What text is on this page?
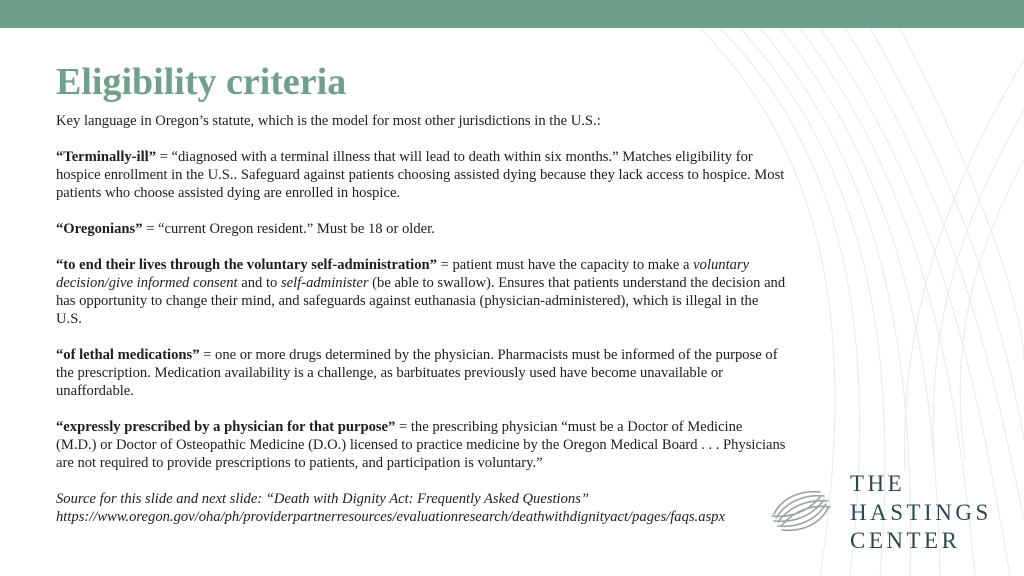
Eligibility criteria

Key language in Oregon’s statute, which is the model for most other jurisdictions in the U.S.:

“Terminally-ill” = “diagnosed with a terminal illness that will lead to death within six months.” Matches eligibility for hospice enrollment in the U.S.. Safeguard against patients choosing assisted dying because they lack access to hospice. Most patients who choose assisted dying are enrolled in hospice.

“Oregonians” = “current Oregon resident.” Must be 18 or older.

“to end their lives through the voluntary self-administration” = patient must have the capacity to make a voluntary decision/give informed consent and to self-administer (be able to swallow). Ensures that patients understand the decision and has opportunity to change their mind, and safeguards against euthanasia (physician-administered), which is illegal in the U.S.

“of lethal medications” = one or more drugs determined by the physician. Pharmacists must be informed of the purpose of the prescription. Medication availability is a challenge, as barbituates previously used have become unavailable or unaffordable.

“expressly prescribed by a physician for that purpose” = the prescribing physician “must be a Doctor of Medicine (M.D.) or Doctor of Osteopathic Medicine (D.O.) licensed to practice medicine by the Oregon Medical Board . . . Physicians are not required to provide prescriptions to patients, and participation is voluntary.”

Source for this slide and next slide: “Death with Dignity Act: Frequently Asked Questions”
https://www.oregon.gov/oha/ph/providerpartnerresources/evaluationresearch/deathwithdignityact/pages/faqs.aspx

THE
HASTINGS
CENTER
